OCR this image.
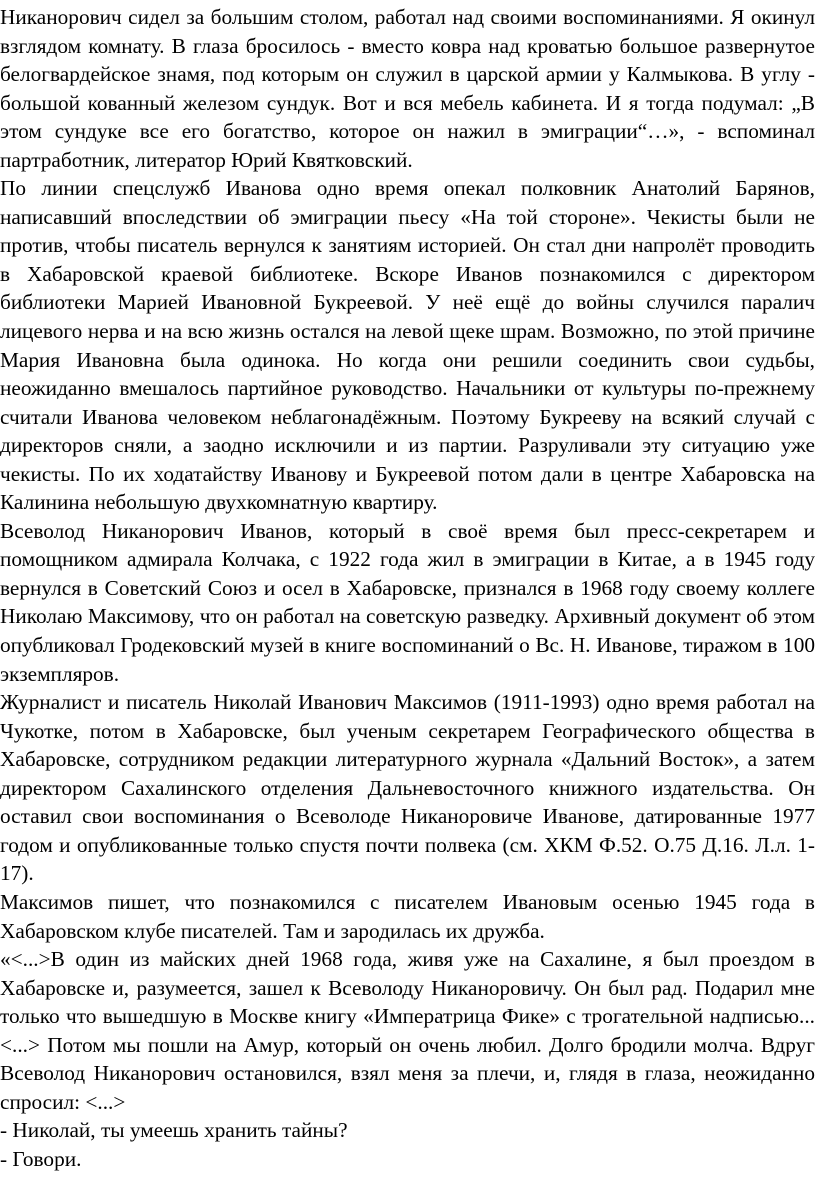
Никанорович сидел за большим столом, работал над своими воспоминаниями. Я окинул взглядом комнату. В глаза бросилось - вместо ковра над кроватью большое развернутое белогвардейское знамя, под которым он служил в царской армии у Калмыкова. В углу - большой кованный железом сундук. Вот и вся мебель кабинета. И я тогда подумал: „В этом сундуке все его богатство, которое он нажил в эмиграции“…», - вспоминал партработник, литератор Юрий Квятковский.

По линии спецслужб Иванова одно время опекал полковник Анатолий Барянов, написавший впоследствии об эмиграции пьесу «На той стороне». Чекисты были не против, чтобы писатель вернулся к занятиям историей. Он стал дни напролёт проводить в Хабаровской краевой библиотеке. Вскоре Иванов познакомился с директором библиотеки Марией Ивановной Букреевой. У неё ещё до войны случился паралич лицевого нерва и на всю жизнь остался на левой щеке шрам. Возможно, по этой причине Мария Ивановна была одинока. Но когда они решили соединить свои судьбы, неожиданно вмешалось партийное руководство. Начальники от культуры по-прежнему считали Иванова человеком неблагонадёжным. Поэтому Букрееву на всякий случай с директоров сняли, а заодно исключили и из партии. Разруливали эту ситуацию уже чекисты. По их ходатайству Иванову и Букреевой потом дали в центре Хабаровска на Калинина небольшую двухкомнатную квартиру.

Всеволод Никанорович Иванов, который в своё время был пресс-секретарем и помощником адмирала Колчака, с 1922 года жил в эмиграции в Китае, а в 1945 году вернулся в Советский Союз и осел в Хабаровске, признался в 1968 году своему коллеге Николаю Максимову, что он работал на советскую разведку. Архивный документ об этом опубликовал Гродековский музей в книге воспоминаний о Вс. Н. Иванове, тиражом в 100 экземпляров.

Журналист и писатель Николай Иванович Максимов (1911-1993) одно время работал на Чукотке, потом в Хабаровске, был ученым секретарем Географического общества в Хабаровске, сотрудником редакции литературного журнала «Дальний Восток», а затем директором Сахалинского отделения Дальневосточного книжного издательства. Он оставил свои воспоминания о Всеволоде Никаноровиче Иванове, датированные 1977 годом и опубликованные только спустя почти полвека (см. ХКМ Ф.52. О.75 Д.16. Л.л. 1-17).

Максимов пишет, что познакомился с писателем Ивановым осенью 1945 года в Хабаровском клубе писателей. Там и зародилась их дружба.

«<...>В один из майских дней 1968 года, живя уже на Сахалине, я был проездом в Хабаровске и, разумеется, зашел к Всеволоду Никаноровичу. Он был рад. Подарил мне только что вышедшую в Москве книгу «Императрица Фике» с трогательной надписью...<...> Потом мы пошли на Амур, который он очень любил. Долго бродили молча. Вдруг Всеволод Никанорович остановился, взял меня за плечи, и, глядя в глаза, неожиданно спросил: <...>

- Николай, ты умеешь хранить тайны?

- Говори.
